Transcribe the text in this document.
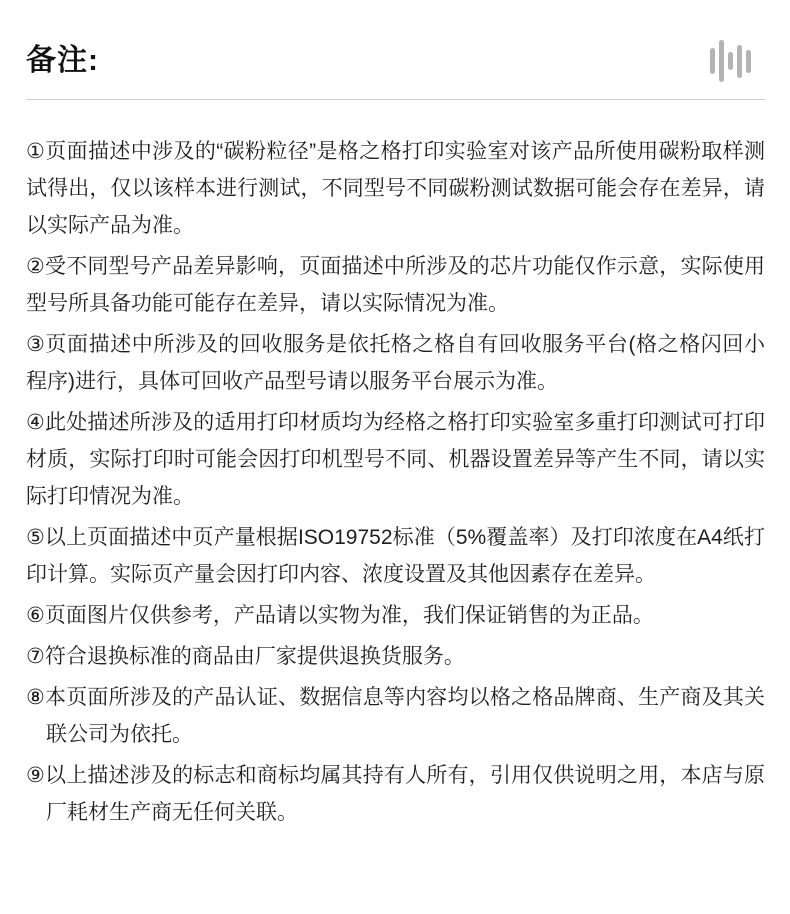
备注:

①页面描述中涉及的“碳粉粒径”是格之格打印实验室对该产品所使用碳粉取样测试得出，仅以该样本进行测试，不同型号不同碳粉测试数据可能会存在差异，请以实际产品为准。

②受不同型号产品差异影响，页面描述中所涉及的芯片功能仅作示意，实际使用型号所具备功能可能存在差异，请以实际情况为准。

③页面描述中所涉及的回收服务是依托格之格自有回收服务平台(格之格闪回小程序)进行，具体可回收产品型号请以服务平台展示为准。

④此处描述所涉及的适用打印材质均为经格之格打印实验室多重打印测试可打印材质，实际打印时可能会因打印机型号不同、机器设置差异等产生不同，请以实际打印情况为准。

⑤以上页面描述中页产量根据ISO19752标准（5%覆盖率）及打印浓度在A4纸打印计算。实际页产量会因打印内容、浓度设置及其他因素存在差异。

⑥页面图片仅供参考，产品请以实物为准，我们保证销售的为正品。

⑦符合退换标准的商品由厂家提供退换货服务。

⑧本页面所涉及的产品认证、数据信息等内容均以格之格品牌商、生产商及其关联公司为依托。

⑨以上描述涉及的标志和商标均属其持有人所有，引用仅供说明之用，本店与原厂耗材生产商无任何关联。
